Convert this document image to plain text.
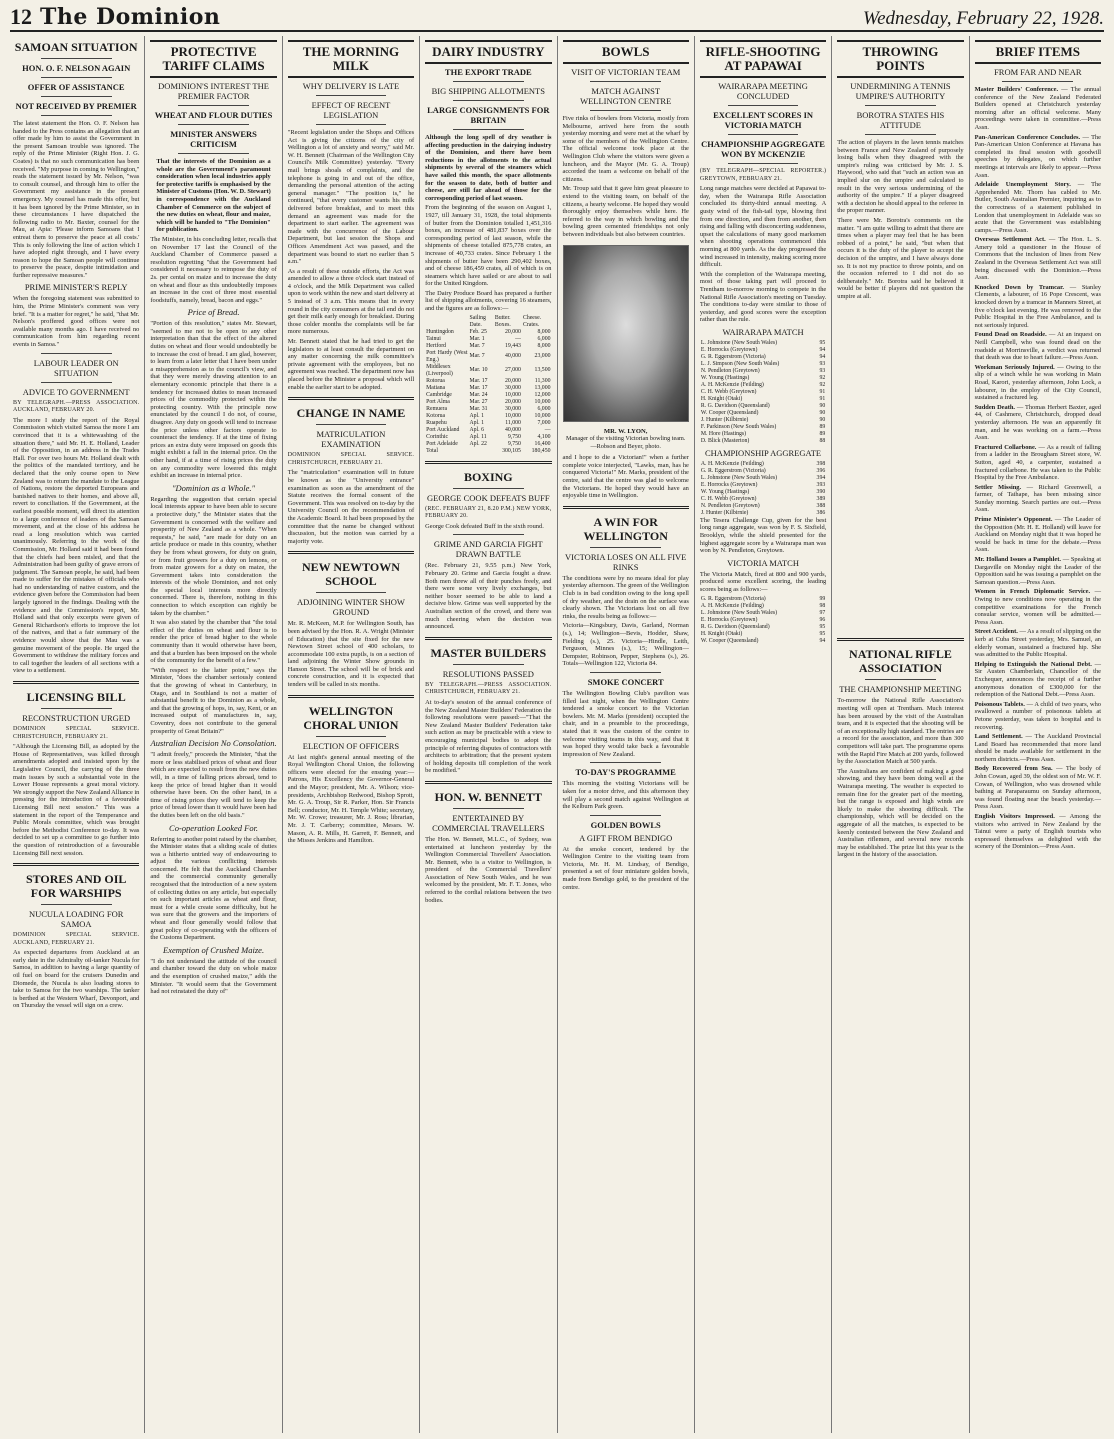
12 The Dominion	Wednesday, February 22, 1928.
SAMOAN SITUATION
HON. O. F. NELSON AGAIN
OFFER OF ASSISTANCE
NOT RECEIVED BY PREMIER

The latest statement the Hon. O. F. Nelson has handed to the Press contains an allegation that an offer made by him to assist the Government in the present Samoan trouble was ignored. The reply of the Prime Minister (Right Hon. J. G. Coates) is that no such communication has been received. "My purpose in coming to Wellington," reads the statement issued by Mr. Nelson, "was to consult counsel, and through him to offer the Government my assistance in the present emergency. My counsel has made this offer, but it has been ignored by the Prime Minister, so in these circumstances I have dispatched the following radio to Mr. Baxter, counsel for the Mau, at Apia: 'Please inform Samoans that I entreat them to preserve the peace at all costs.' This is only following the line of action which I have adopted right through, and I have every reason to hope the Samoan people will continue to preserve the peace, despite intimidation and further repressive measures."

PRIME MINISTER'S REPLY

When the foregoing statement was submitted to him, the Prime Minister's comment was very brief. "It is a matter for regret," he said, "that Mr. Nelson's proffered good offices were not available many months ago. I have received no communication from him regarding recent events in Samoa."

LABOUR LEADER ON SITUATION
ADVICE TO GOVERNMENT
BY TELEGRAPH.—PRESS ASSOCIATION. AUCKLAND, FEBRUARY 20.

The more I study the report of the Royal Commission which visited Samoa the more I am convinced that it is a whitewashing of the situation there," said Mr. H. E. Holland, Leader of the Opposition, in an address in the Trades Hall. For over two hours Mr. Holland dealt with the politics of the mandated territory, and he declared that the only course open to New Zealand was to return the mandate to the League of Nations, restore the deported Europeans and banished natives to their homes, and above all, revert to conciliation. If the Government, at the earliest possible moment, will direct its attention to a large conference of leaders of the Samoan movement, and at the close of his address he read a long resolution which was carried unanimously. Referring to the work of the Commission, Mr. Holland said it had been found that the chiefs had been misled, and that the Administration had been guilty of grave errors of judgment. The Samoan people, he said, had been made to suffer for the mistakes of officials who had no understanding of native custom, and the evidence given before the Commission had been largely ignored in the findings. Dealing with the evidence and the Commission's report, Mr. Holland said that only excerpts were given of General Richardson's efforts to improve the lot of the natives, and that a fair summary of the evidence would show that the Mau was a genuine movement of the people. He urged the Government to withdraw the military forces and to call together the leaders of all sections with a view to a settlement.

LICENSING BILL
RECONSTRUCTION URGED
DOMINION SPECIAL SERVICE. CHRISTCHURCH, FEBRUARY 21.

"Although the Licensing Bill, as adopted by the House of Representatives, was killed through amendments adopted and insisted upon by the Legislative Council, the carrying of the three main issues by such a substantial vote in the Lower House represents a great moral victory. We strongly support the New Zealand Alliance in pressing for the introduction of a favourable Licensing Bill next session." This was a statement in the report of the Temperance and Public Morals committee, which was brought before the Methodist Conference to-day. It was decided to set up a committee to go further into the question of reintroduction of a favourable Licensing Bill next session.

STORES AND OIL FOR WARSHIPS
NUCULA LOADING FOR SAMOA
DOMINION SPECIAL SERVICE. AUCKLAND, FEBRUARY 21.

As expected departures from Auckland at an early date in the Admiralty oil-tanker Nucula for Samoa, in addition to having a large quantity of oil fuel on board for the cruisers Dunedin and Diomede, the Nucula is also loading stores to take to Samoa for the two warships. The tanker is berthed at the Western Wharf, Devonport, and on Thursday the vessel will sign on a crew.

PROTECTIVE TARIFF CLAIMS
DOMINION'S INTEREST THE PREMIER FACTOR
WHEAT AND FLOUR DUTIES
MINISTER ANSWERS CRITICISM

That the interests of the Dominion as a whole are the Government's paramount consideration when local industries apply for protective tariffs is emphasised by the Minister of Customs (Hon. W. D. Stewart) in correspondence with the Auckland Chamber of Commerce on the subject of the new duties on wheat, flour and maize, which will be handed to "The Dominion" for publication.

The Minister, in his concluding letter, recalls that on November 17 last the Council of the Auckland Chamber of Commerce passed a resolution regretting "that the Government had considered it necessary to reimpose the duty of 2s. per cental on maize and to increase the duty on wheat and flour as this undoubtedly imposes an increase in the cost of three most essential foodstuffs, namely, bread, bacon and eggs."

Price of Bread.

"Portion of this resolution," states Mr. Stewart, "seemed to me not to be open to any other interpretation than that the effect of the altered duties on wheat and flour would undoubtedly be to increase the cost of bread. I am glad, however, to learn from a later letter that I have been under a misapprehension as to the council's view, and that they were merely drawing attention to an elementary economic principle that there is a tendency for increased duties to mean increased prices of the commodity protected within the protecting country. With the principle now enunciated by the council I do not, of course, disagree. Any duty on goods will tend to increase the price unless other factors operate to counteract the tendency. If at the time of fixing prices an extra duty were imposed on goods this might exhibit a fall in the internal price. On the other hand, if at a time of rising prices the duty on any commodity were lowered this might exhibit an increase in internal price.

"Dominion as a Whole."

Regarding the suggestion that certain special local interests appear to have been able to secure a protective duty," the Minister states that the Government is concerned with the welfare and prosperity of New Zealand as a whole. "When requests," he said, "are made for duty on an article produce or made in this country, whether they be from wheat growers, for duty on grain, or from fruit growers for a duty on lemons, or from maize growers for a duty on maize, the Government takes into consideration the interests of the whole Dominion, and not only the special local interests more directly concerned. There is, therefore, nothing in this connection to which exception can rightly be taken by the chamber."

It was also stated by the chamber that "the total effect of the duties on wheat and flour is to render the price of bread higher to the whole community than it would otherwise have been, and that a burden has been imposed on the whole of the community for the benefit of a few."

"With respect to the latter point," says the Minister, "does the chamber seriously contend that the growing of wheat in Canterbury, in Otago, and in Southland is not a matter of substantial benefit to the Dominion as a whole, and that the growing of hops, in, say, Kent, or an increased output of manufactures in, say, Coventry, does not contribute to the general prosperity of Great Britain?"

Australian Decision No Consolation.

"I admit freely," proceeds the Minister, "that the more or less stabilised prices of wheat and flour which are expected to result from the new duties will, in a time of falling prices abroad, tend to keep the price of bread higher than it would otherwise have been. On the other hand, in a time of rising prices they will tend to keep the price of bread lower than it would have been had the duties been left on the old basis."

Co-operation Looked For.

Referring to another point raised by the chamber, the Minister states that a sliding scale of duties was a hitherto untried way of endeavouring to adjust the various conflicting interests concerned. He felt that the Auckland Chamber and the commercial community generally recognised that the introduction of a new system of collecting duties on any article, but especially on such important articles as wheat and flour, must for a while create some difficulty, but he was sure that the growers and the importers of wheat and flour generally would follow that great policy of co-operating with the officers of the Customs Department.

Exemption of Crushed Maize.

"I do not understand the attitude of the council and chamber toward the duty on whole maize and the exemption of crushed maize," adds the Minister. "It would seem that the Government had not reinstated the duty of"

THE MORNING MILK
WHY DELIVERY IS LATE
EFFECT OF RECENT LEGISLATION

"Recent legislation under the Shops and Offices Act is giving the citizens of the city of Wellington a lot of anxiety and worry," said Mr. W. H. Bennett (Chairman of the Wellington City Council's Milk Committee) yesterday. "Every mail brings shoals of complaints, and the telephone is going in and out of the office, demanding the personal attention of the acting general manager." "The position is," he continued, "that every customer wants his milk delivered before breakfast, and to meet this demand an agreement was made for the department to start earlier. The agreement was made with the concurrence of the Labour Department, but last session the Shops and Offices Amendment Act was passed, and the department was bound to start no earlier than 5 a.m."

As a result of these outside efforts, the Act was amended to allow a three o'clock start instead of 4 o'clock, and the Milk Department was called upon to work within the new and start delivery at 5 instead of 3 a.m. This means that in every round in the city consumers at the tail end do not get their milk early enough for breakfast. During those colder months the complaints will be far more numerous.

Mr. Bennett stated that he had tried to get the legislators to at least consult the department on any matter concerning the milk committee's private agreement with the employees, but no agreement was reached. The department now has placed before the Minister a proposal which will enable the earlier start to be adopted.

CHANGE IN NAME
MATRICULATION EXAMINATION
DOMINION SPECIAL SERVICE. CHRISTCHURCH, FEBRUARY 21.

The "matriculation" examination will in future be known as the "University entrance" examination as soon as the amendment of the Statute receives the formal consent of the Government. This was resolved on to-day by the University Council on the recommendation of the Academic Board. It had been proposed by the committee that the name be changed without discussion, but the motion was carried by a majority vote.

NEW NEWTOWN SCHOOL
ADJOINING WINTER SHOW GROUND

Mr. R. McKeen, M.P. for Wellington South, has been advised by the Hon. R. A. Wright (Minister of Education) that the site fixed for the new Newtown Street school of 400 scholars, to accommodate 100 extra pupils, is on a section of land adjoining the Winter Show grounds in Hanson Street. The school will be of brick and concrete construction, and it is expected that tenders will be called in six months.

WELLINGTON CHORAL UNION
ELECTION OF OFFICERS

At last night's general annual meeting of the Royal Wellington Choral Union, the following officers were elected for the ensuing year:—Patrons, His Excellency the Governor-General and the Mayor; president, Mr. A. Wilson; vice-presidents, Archbishop Redwood, Bishop Sprott, Mr. G. A. Troup, Sir R. Parker, Hon. Sir Francis Bell; conductor, Mr. H. Temple White; secretary, Mr. W. Crowe; treasurer, Mr. J. Ross; librarian, Mr. J. T. Carberry; committee, Messrs. W. Mason, A. R. Mills, H. Garrett, F. Bennett, and the Misses Jenkins and Hamilton.

DAIRY INDUSTRY
THE EXPORT TRADE
BIG SHIPPING ALLOTMENTS
LARGE CONSIGNMENTS FOR BRITAIN

Although the long spell of dry weather is affecting production in the dairying industry of the Dominion, and there have been reductions in the allotments to the actual shipments by several of the steamers which have sailed this month, the space allotments for the season to date, both of butter and cheese, are still far ahead of those for the corresponding period of last season.

From the beginning of the season on August 1, 1927, till January 31, 1928, the total shipments of butter from the Dominion totalled 1,451,316 boxes, an increase of 481,837 boxes over the corresponding period of last season, while the shipments of cheese totalled 875,778 crates, an increase of 40,733 crates. Since February 1 the shipments of butter have been 290,402 boxes, and of cheese 186,459 crates, all of which is on steamers which have sailed or are about to sail for the United Kingdom.

The Dairy Produce Board has prepared a further list of shipping allotments, covering 16 steamers, and the figures are as follows:—

	Sailing Date.	Butter. Boxes.	Cheese. Crates.
Huntingdon	Feb. 25	20,000	8,000
Tainui	Mar. 1	—	6,000
Hertford	Mar. 7	19,443	8,000
Port Hardy (West Eng.)	Mar. 7	40,000	23,000
Middlesex (Liverpool)	Mar. 10	27,000	13,500
Rotorua	Mar. 17	20,000	11,300
Matiana	Mar. 17	30,000	13,000
Cambridge	Mar. 24	10,000	12,000
Port Alma	Mar. 27	20,000	10,000
Remuera	Mar. 31	30,000	6,000
Kotorua	Apl. 1	10,000	10,000
Ruapehu	Apl. 1	11,000	7,000
Port Auckland	Apl. 6	40,000	—
Corinthic	Apl. 11	9,750	4,100
Port Adelaide	Apl. 22	9,750	16,400
Total		300,105	180,450
BOXING
GEORGE COOK DEFEATS BUFF
(REC. FEBRUARY 21, 8.20 P.M.) NEW YORK, FEBRUARY 20.

George Cook defeated Buff in the sixth round.

GRIME AND GARCIA FIGHT DRAWN BATTLE

(Rec. February 21, 9.55 p.m.) New York, February 20. Grime and Garcia fought a draw. Both men threw all of their punches freely, and there were some very lively exchanges, but neither boxer seemed to be able to land a decisive blow. Grime was well supported by the Australian section of the crowd, and there was much cheering when the decision was announced.

MASTER BUILDERS
RESOLUTIONS PASSED
BY TELEGRAPH.—PRESS ASSOCIATION. CHRISTCHURCH, FEBRUARY 21.

At to-day's session of the annual conference of the New Zealand Master Builders' Federation the following resolutions were passed:—"That the New Zealand Master Builders' Federation take such action as may be practicable with a view to encouraging municipal bodies to adopt the principle of referring disputes of contractors with architects to arbitration; that the present system of holding deposits till completion of the work be modified."

HON. W. BENNETT
ENTERTAINED BY COMMERCIAL TRAVELLERS

The Hon. W. Bennett, M.L.C., of Sydney, was entertained at luncheon yesterday by the Wellington Commercial Travellers' Association. Mr. Bennett, who is a visitor to Wellington, is president of the Commercial Travellers' Association of New South Wales, and he was welcomed by the president, Mr. F. T. Jones, who referred to the cordial relations between the two bodies.

BOWLS
VISIT OF VICTORIAN TEAM
MATCH AGAINST WELLINGTON CENTRE

Five rinks of bowlers from Victoria, mostly from Melbourne, arrived here from the south yesterday morning and were met at the wharf by some of the members of the Wellington Centre. The official welcome took place at the Wellington Club where the visitors were given a luncheon, and the Mayor (Mr. G. A. Troup) accorded the team a welcome on behalf of the citizens.

Mr. Troup said that it gave him great pleasure to extend to the visiting team, on behalf of the citizens, a hearty welcome. He hoped they would thoroughly enjoy themselves while here. He referred to the way in which bowling and the bowling green cemented friendships not only between individuals but also between countries.

MR. W. LYON,
Manager of the visiting Victorian bowling team. —Robson and Beyer, photo.

and I hope to die a Victorian!" when a further complete voice interjected, "Lawks, man, has he conquered Victoria!" Mr. Marks, president of the centre, said that the centre was glad to welcome the Victorians. He hoped they would have an enjoyable time in Wellington.

A WIN FOR WELLINGTON
VICTORIA LOSES ON ALL FIVE RINKS

The conditions were by no means ideal for play yesterday afternoon. The green of the Wellington Club is in bad condition owing to the long spell of dry weather, and the drain on the surface was clearly shown. The Victorians lost on all five rinks, the results being as follows:—

Victoria—Kingsbury, Davis, Garland, Norman (s.), 14; Wellington—Bevis, Hodder, Shaw, Fielding (s.), 25. Victoria—Hindle, Leith, Ferguson, Minnes (s.), 15; Wellington—Dempster, Robinson, Pepper, Stephens (s.), 26. Totals—Wellington 122, Victoria 84.

SMOKE CONCERT

The Wellington Bowling Club's pavilion was filled last night, when the Wellington Centre tendered a smoke concert to the Victorian bowlers. Mr. M. Marks (president) occupied the chair, and in a preamble to the proceedings, stated that it was the custom of the centre to welcome visiting teams in this way, and that it was hoped they would take back a favourable impression of New Zealand.

TO-DAY'S PROGRAMME

This morning the visiting Victorians will be taken for a motor drive, and this afternoon they will play a second match against Wellington at the Kelburn Park green.

GOLDEN BOWLS
A GIFT FROM BENDIGO

At the smoke concert, tendered by the Wellington Centre to the visiting team from Victoria, Mr. H. M. Lindsay, of Bendigo, presented a set of four miniature golden bowls, made from Bendigo gold, to the president of the centre.

RIFLE-SHOOTING AT PAPAWAI
WAIRARAPA MEETING CONCLUDED
EXCELLENT SCORES IN VICTORIA MATCH
CHAMPIONSHIP AGGREGATE WON BY MCKENZIE
(BY TELEGRAPH—SPECIAL REPORTER.) GREYTOWN, FEBRUARY 21.

Long range matches were decided at Papawai to-day, when the Wairarapa Rifle Association concluded its thirty-third annual meeting. A gusty wind of the fish-tail type, blowing first from one direction, and then from another, then rising and falling with disconcerting suddenness, upset the calculations of many good marksmen when shooting operations commenced this morning at 800 yards. As the day progressed the wind increased in intensity, making scoring more difficult.

With the completion of the Wairarapa meeting, most of those taking part will proceed to Trentham to-morrow morning to compete in the National Rifle Association's meeting on Tuesday. The conditions to-day were similar to those of yesterday, and good scores were the exception rather than the rule.

WAIRARAPA MATCH
L. Johnstone (New South Wales)	95
E. Horrocks (Greytown)	94
G. R. Eggerstrom (Victoria)	94
L. J. Simpson (New South Wales)	93
N. Pendleton (Greytown)	93
W. Young (Hastings)	92
A. H. McKenzie (Feilding)	92
C. H. Webb (Greytown)	91
H. Knight (Otaki)	91
R. G. Davidson (Queensland)	90
W. Cooper (Queensland)	90
J. Hunter (Kilbirnie)	90
F. Parkinson (New South Wales)	89
M. Hore (Hastings)	89
D. Blick (Masterton)	88
CHAMPIONSHIP AGGREGATE
A. H. McKenzie (Feilding)	398
G. R. Eggerstrom (Victoria)	396
L. Johnstone (New South Wales)	394
E. Horrocks (Greytown)	393
W. Young (Hastings)	390
C. H. Webb (Greytown)	389
N. Pendleton (Greytown)	388
J. Hunter (Kilbirnie)	386

The Tesera Challenge Cup, given for the best long range aggregate, was won by F. S. Sixfield, Brooklyn, while the shield presented for the highest aggregate score by a Wairarapa man was won by N. Pendleton, Greytown.

VICTORIA MATCH

The Victoria Match, fired at 800 and 900 yards, produced some excellent scoring, the leading scores being as follows:—

G. R. Eggerstrom (Victoria)	99
A. H. McKenzie (Feilding)	98
L. Johnstone (New South Wales)	97
E. Horrocks (Greytown)	96
R. G. Davidson (Queensland)	95
H. Knight (Otaki)	95
W. Cooper (Queensland)	94
THROWING POINTS
UNDERMINING A TENNIS UMPIRE'S AUTHORITY
BOROTRA STATES HIS ATTITUDE

The action of players in the lawn tennis matches between France and New Zealand of purposely losing balls when they disagreed with the umpire's ruling was criticised by Mr. J. S. Haywood, who said that "such an action was an implied slur on the umpire and calculated to result in the very serious undermining of the authority of the umpire." If a player disagreed with a decision he should appeal to the referee in the proper manner.

There were Mr. Borotra's comments on the matter. "I am quite willing to admit that there are times when a player may feel that he has been robbed of a point," he said, "but when that occurs it is the duty of the player to accept the decision of the umpire, and I have always done so. It is not my practice to throw points, and on the occasion referred to I did not do so deliberately." Mr. Borotra said he believed it would be better if players did not question the umpire at all.

NATIONAL RIFLE ASSOCIATION
THE CHAMPIONSHIP MEETING

To-morrow the National Rifle Association's meeting will open at Trentham. Much interest has been aroused by the visit of the Australian team, and it is expected that the shooting will be of an exceptionally high standard. The entries are a record for the association, and more than 300 competitors will take part. The programme opens with the Rapid Fire Match at 200 yards, followed by the Association Match at 500 yards.

The Australians are confident of making a good showing, and they have been doing well at the Wairarapa meeting. The weather is expected to remain fine for the greater part of the meeting, but the range is exposed and high winds are likely to make the shooting difficult. The championship, which will be decided on the aggregate of all the matches, is expected to be keenly contested between the New Zealand and Australian riflemen, and several new records may be established. The prize list this year is the largest in the history of the association.

BRIEF ITEMS
FROM FAR AND NEAR

Master Builders' Conference. — The annual conference of the New Zealand Federated Builders opened at Christchurch yesterday morning after an official welcome. Many proceedings were taken in committee.—Press Assn.

Pan-American Conference Concludes. — The Pan-American Union Conference at Havana has completed its final session with goodwill speeches by delegates, on which further meetings at intervals are likely to appear.—Press Assn.

Adelaide Unemployment Story. — The Apprehended Mr. Thorn has cabled to Mr. Butler, South Australian Premier, inquiring as to the correctness of a statement published in London that unemployment in Adelaide was so acute that the Government was establishing camps.—Press Assn.

Overseas Settlement Act. — The Hon. L. S. Amery told a questioner in the House of Commons that the inclusion of lines from New Zealand in the Overseas Settlement Act was still being discussed with the Dominion.—Press Assn.

Knocked Down by Tramcar. — Stanley Clements, a labourer, of 16 Pope Crescent, was knocked down by a tramcar in Manners Street, at five o'clock last evening. He was removed to the Public Hospital in the Free Ambulance, and is not seriously injured.

Found Dead on Roadside. — At an inquest on Neill Campbell, who was found dead on the roadside at Morrinsville, a verdict was returned that death was due to heart failure.—Press Assn.

Workman Seriously Injured. — Owing to the slip of a winch while he was working in Main Road, Karori, yesterday afternoon, John Lock, a labourer, in the employ of the City Council, sustained a fractured leg.

Sudden Death. — Thomas Herbert Baxter, aged 44, of Cashmere, Christchurch, dropped dead yesterday afternoon. He was an apparently fit man, and he was working on a farm.—Press Assn.

Fractured Collarbone. — As a result of falling from a ladder in the Brougham Street store, W. Sutton, aged 40, a carpenter, sustained a fractured collarbone. He was taken to the Public Hospital by the Free Ambulance.

Settler Missing. — Richard Greenwell, a farmer, of Taihape, has been missing since Sunday morning. Search parties are out.—Press Assn.

Prime Minister's Opponent. — The Leader of the Opposition (Mr. H. E. Holland) will leave for Auckland on Monday night that it was hoped he would be back in time for the debate.—Press Assn.

Mr. Holland Issues a Pamphlet. — Speaking at Dargaville on Monday night the Leader of the Opposition said he was issuing a pamphlet on the Samoan question.—Press Assn.

Women in French Diplomatic Service. — Owing to new conditions now operating in the competitive examinations for the French consular service, women will be admitted.—Press Assn.

Street Accident. — As a result of slipping on the kerb at Cuba Street yesterday, Mrs. Samuel, an elderly woman, sustained a fractured hip. She was admitted to the Public Hospital.

Helping to Extinguish the National Debt. — Sir Austen Chamberlain, Chancellor of the Exchequer, announces the receipt of a further anonymous donation of £300,000 for the redemption of the National Debt.—Press Assn.

Poisonous Tablets. — A child of two years, who swallowed a number of poisonous tablets at Petone yesterday, was taken to hospital and is recovering.

Land Settlement. — The Auckland Provincial Land Board has recommended that more land should be made available for settlement in the northern districts.—Press Assn.

Body Recovered from Sea. — The body of John Cowan, aged 39, the oldest son of Mr. W. F. Cowan, of Wellington, who was drowned while bathing at Paraparaumu on Sunday afternoon, was found floating near the beach yesterday.—Press Assn.

English Visitors Impressed. — Among the visitors who arrived in New Zealand by the Tainui were a party of English tourists who expressed themselves as delighted with the scenery of the Dominion.—Press Assn.
